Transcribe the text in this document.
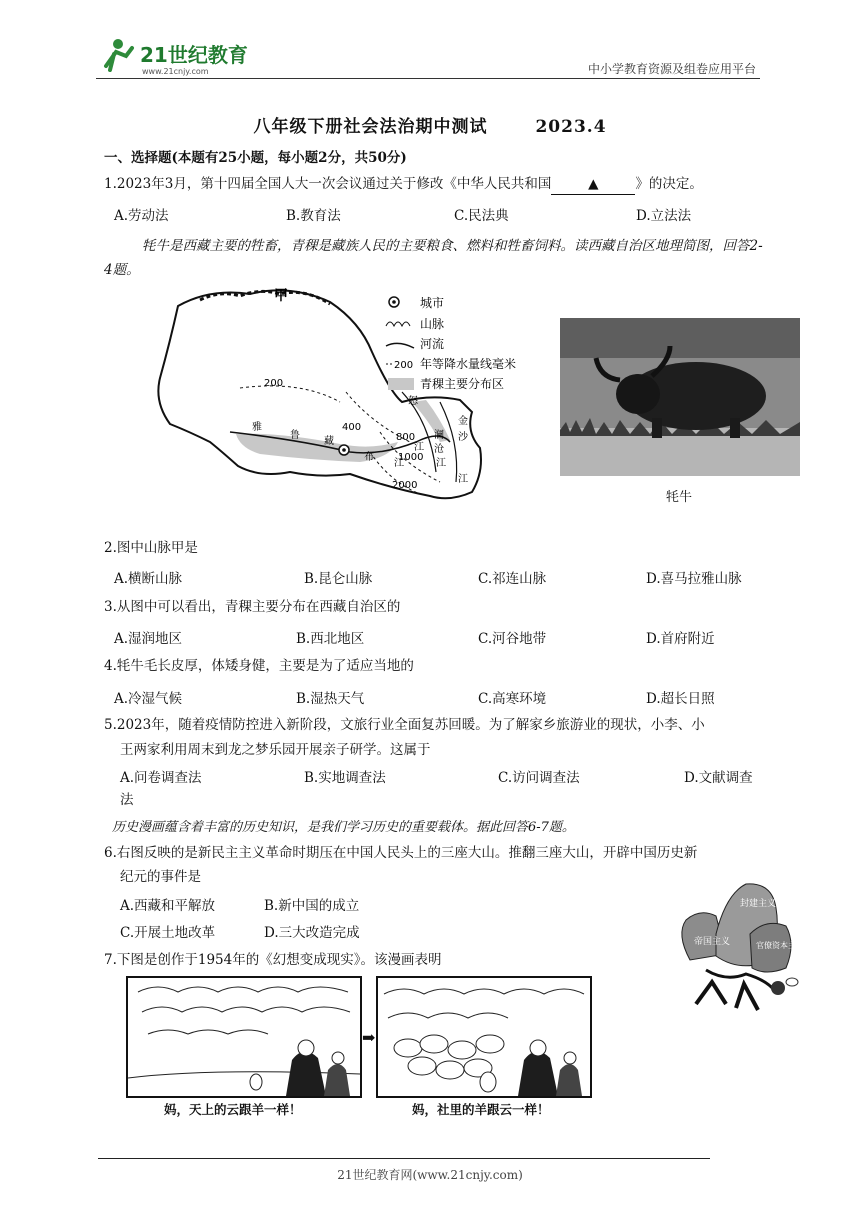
21世纪教育
www.21cnjy.com	中小学教育资源及组卷应用平台
八年级下册社会法治期中测试	2023.4
一、选择题(本题有25小题，每小题2分，共50分)
1.2023年3月，第十四届全国人大一次会议通过关于修改《中华人民共和国	▲	》的决定。
A.劳动法	B.教育法	C.民法典	D.立法法
牦牛是西藏主要的牲畜，青稞是藏族人民的主要粮食、燃料和牲畜饲料。读西藏自治区地理简图，回答2-4题。
甲
200
400
800
1000
2000
雅
鲁
藏
布
江
怒
江
澜
沧
江
金
沙
江
城市
山脉
河流
200 年等降水量线毫米
青稞主要分布区
牦牛
2.图中山脉甲是
A.横断山脉	B.昆仑山脉	C.祁连山脉	D.喜马拉雅山脉
3.从图中可以看出，青稞主要分布在西藏自治区的
A.湿润地区	B.西北地区	C.河谷地带	D.首府附近
4.牦牛毛长皮厚，体矮身健，主要是为了适应当地的
A.冷湿气候	B.湿热天气	C.高寒环境	D.超长日照
5.2023年，随着疫情防控进入新阶段，文旅行业全面复苏回暖。为了解家乡旅游业的现状，小李、小
王两家利用周末到龙之梦乐园开展亲子研学。这属于
A.问卷调查法	B.实地调查法	C.访问调查法	D.文献调查
法
历史漫画蕴含着丰富的历史知识，是我们学习历史的重要载体。据此回答6-7题。
6.右图反映的是新民主主义革命时期压在中国人民头上的三座大山。推翻三座大山，开辟中国历史新
纪元的事件是
A.西藏和平解放	B.新中国的成立
C.开展土地改革	D.三大改造完成
帝国主义
封建主义
官僚资本主义
7.下图是创作于1954年的《幻想变成现实》。该漫画表明
➡
妈，天上的云跟羊一样！	妈，社里的羊跟云一样！
21世纪教育网(www.21cnjy.com)
